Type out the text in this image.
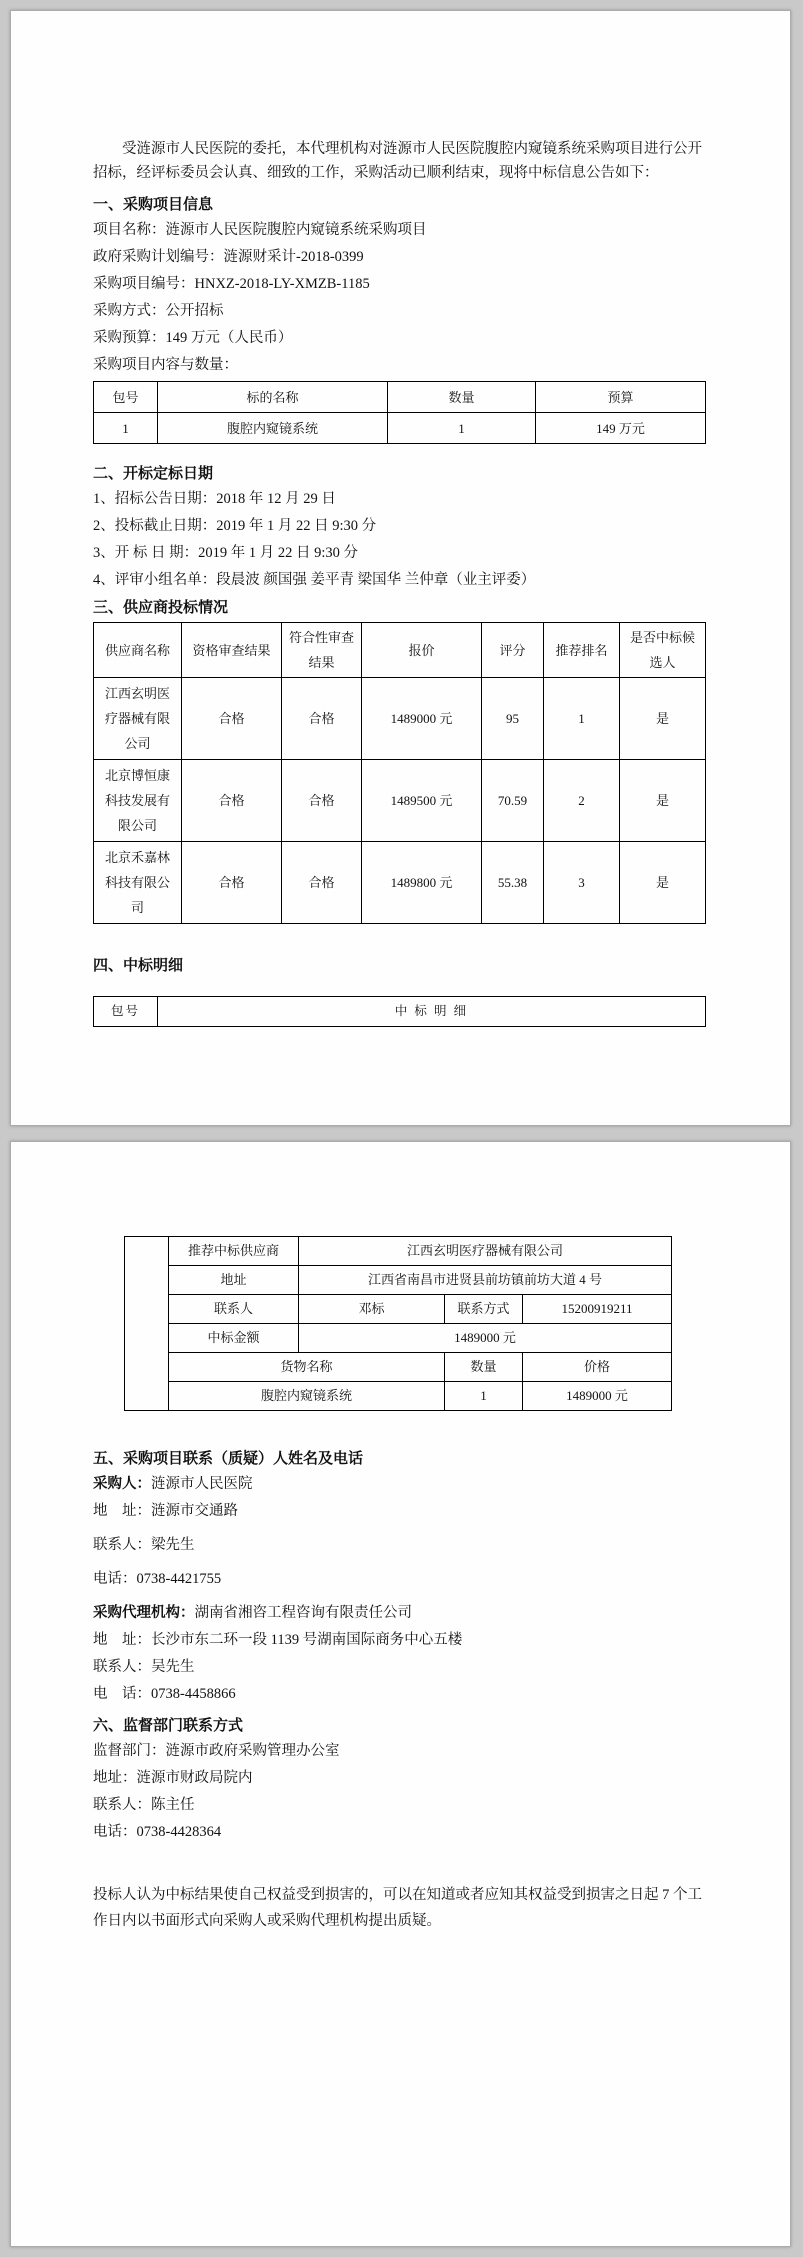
受涟源市人民医院的委托，本代理机构对涟源市人民医院腹腔内窥镜系统采购项目进行公开招标，经评标委员会认真、细致的工作，采购活动已顺利结束，现将中标信息公告如下：

一、采购项目信息

项目名称：涟源市人民医院腹腔内窥镜系统采购项目

政府采购计划编号：涟源财采计-2018-0399

采购项目编号：HNXZ-2018-LY-XMZB-1185

采购方式：公开招标

采购预算：149 万元（人民币）

采购项目内容与数量：

包号	标的名称	数量	预算
1	腹腔内窥镜系统	1	149 万元
二、开标定标日期

1、招标公告日期：2018 年 12 月 29 日

2、投标截止日期：2019 年 1 月 22 日 9:30 分

3、开 标 日 期：2019 年 1 月 22 日 9:30 分

4、评审小组名单：段晨波 颜国强 姜平青 梁国华 兰仲章（业主评委）

三、供应商投标情况
供应商名称	资格审查结果	符合性审查结果	报价	评分	推荐排名	是否中标候选人
江西玄明医疗器械有限公司	合格	合格	1489000 元	95	1	是
北京博恒康科技发展有限公司	合格	合格	1489500 元	70.59	2	是
北京禾嘉林科技有限公司	合格	合格	1489800 元	55.38	3	是
四、中标明细
包号	中 标 明 细
	推荐中标供应商	江西玄明医疗器械有限公司		
	地址	江西省南昌市进贤县前坊镇前坊大道 4 号		
	联系人	邓标	联系方式	15200919211
	中标金额	1489000 元		
	货物名称		数量	价格
	腹腔内窥镜系统		1	1489000 元
五、采购项目联系（质疑）人姓名及电话

采购人：涟源市人民医院

地　址：涟源市交通路

联系人：梁先生

电话：0738-4421755

采购代理机构：湖南省湘咨工程咨询有限责任公司

地　址：长沙市东二环一段 1139 号湖南国际商务中心五楼

联系人：吴先生

电　话：0738-4458866

六、监督部门联系方式

监督部门：涟源市政府采购管理办公室

地址：涟源市财政局院内

联系人：陈主任

电话：0738-4428364

投标人认为中标结果使自己权益受到损害的，可以在知道或者应知其权益受到损害之日起 7 个工作日内以书面形式向采购人或采购代理机构提出质疑。
